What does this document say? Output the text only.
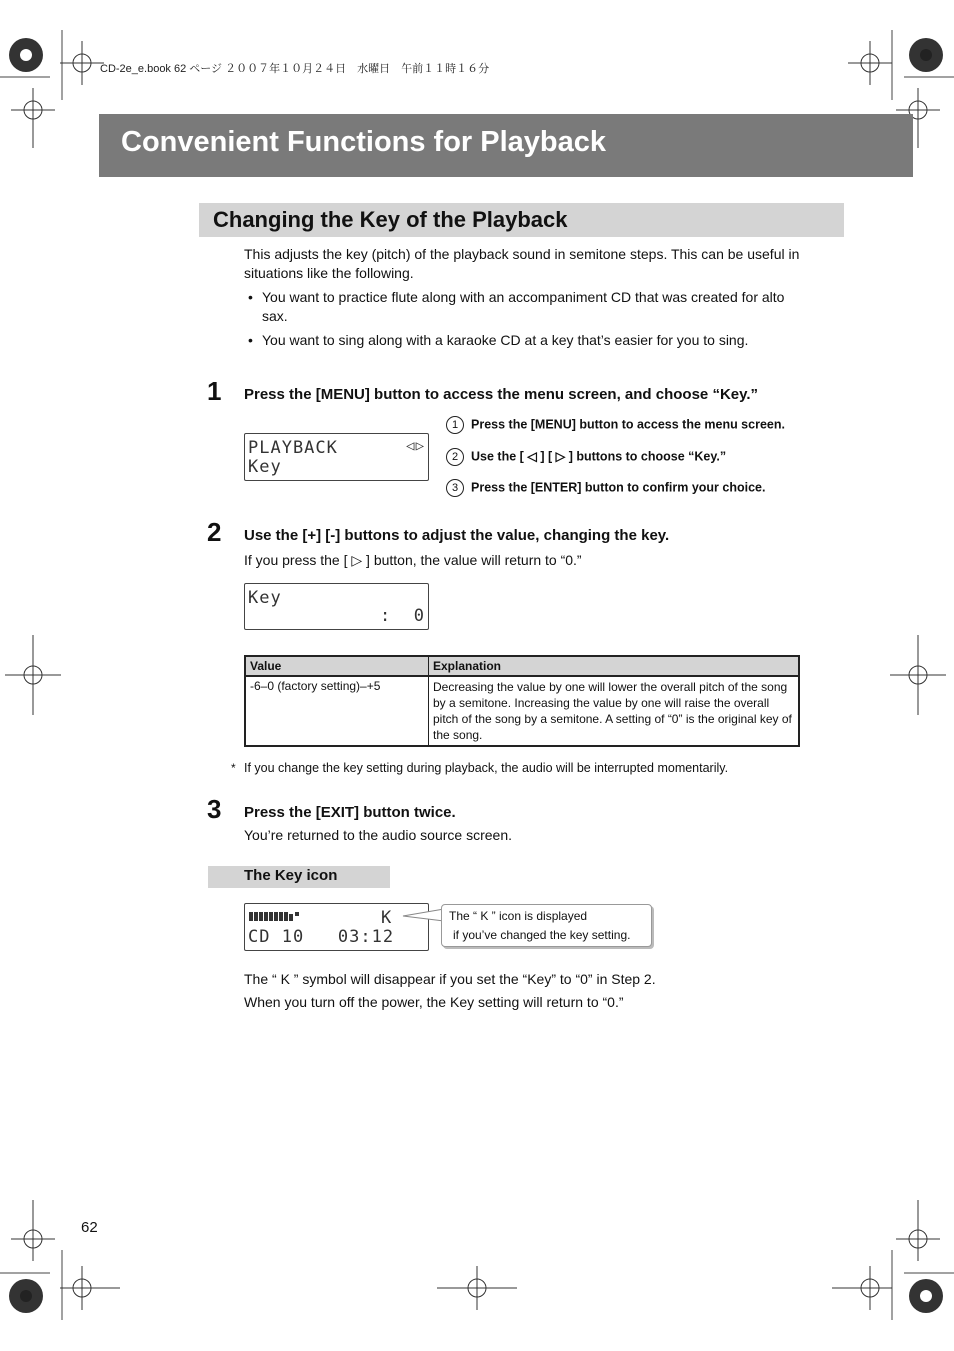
CD-2e_e.book 62 ページ ２００７年１０月２４日　水曜日　午前１１時１６分
Convenient Functions for Playback
Changing the Key of the Playback
This adjusts the key (pitch) of the playback sound in semitone steps. This can be useful in situations like the following.
• You want to practice flute along with an accompaniment CD that was created for alto sax.
• You want to sing along with a karaoke CD at a key that’s easier for you to sing.
1 Press the [MENU] button to access the menu screen, and choose “Key.”
PLAYBACK	◁▷
Key
1 Press the [MENU] button to access the menu screen.
2 Use the [ ◁ ] [ ▷ ] buttons to choose “Key.”
3 Press the [ENTER] button to confirm your choice.
2 Use the [+] [-] buttons to adjust the value, changing the key.
If you press the [ ▷ ] button, the value will return to “0.”
Key
:  0
Value	Explanation
-6–0 (factory setting)–+5	Decreasing the value by one will lower the overall pitch of the song by a semitone. Increasing the value by one will raise the overall pitch of the song by a semitone. A setting of “0” is the original key of the song.
* If you change the key setting during playback, the audio will be interrupted momentarily.
3 Press the [EXIT] button twice.
You’re returned to the audio source screen.
The Key icon
K
CD 10   03:12
The “ K ” icon is displayed
if you’ve changed the key setting.
The “ K ” symbol will disappear if you set the “Key” to “0” in Step 2.
When you turn off the power, the Key setting will return to “0.”
62
